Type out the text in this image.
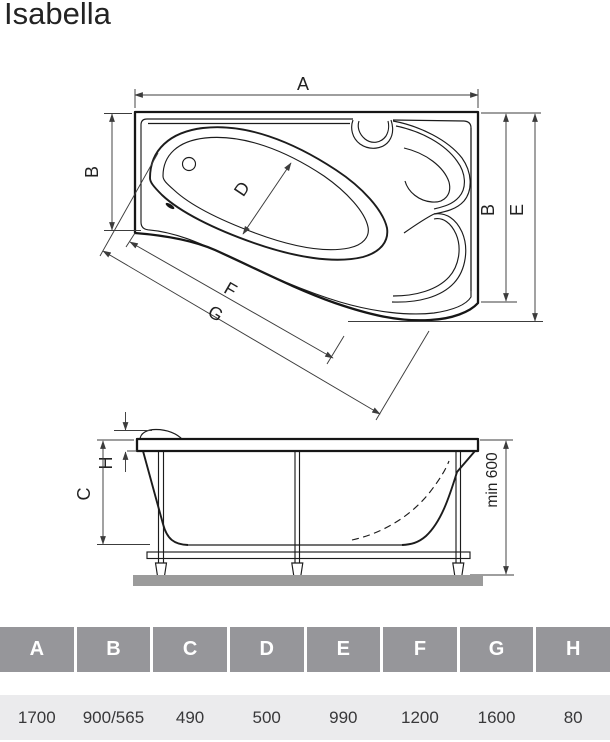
Isabella
A
B
D
F
G
B E
H
C	min 600
A	B	C	D	E	F	G	H
1700	900/565	490	500	990	1200	1600	80
